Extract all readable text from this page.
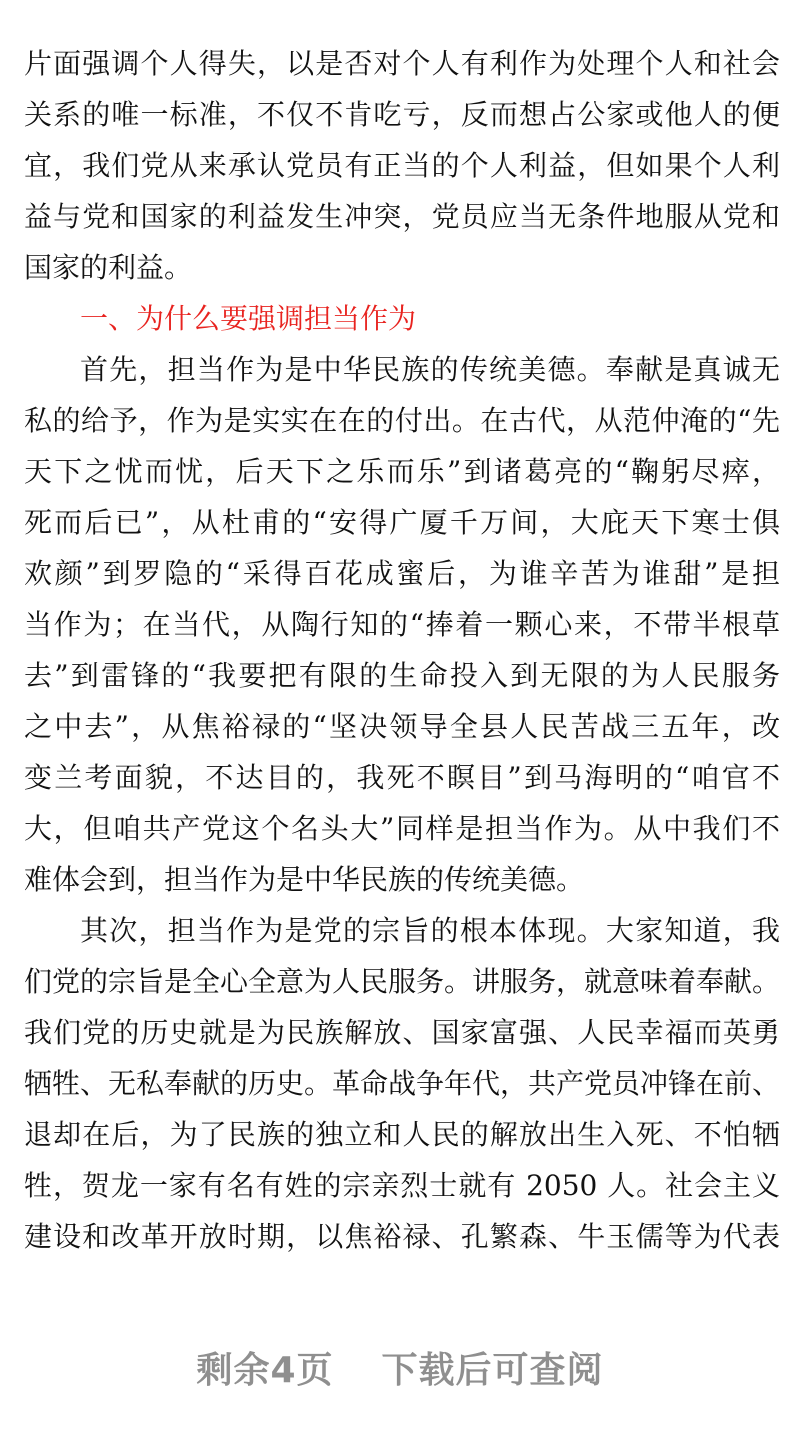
片面强调个人得失，以是否对个人有利作为处理个人和社会
关系的唯一标准，不仅不肯吃亏，反而想占公家或他人的便
宜，我们党从来承认党员有正当的个人利益，但如果个人利
益与党和国家的利益发生冲突，党员应当无条件地服从党和
国家的利益。
一、为什么要强调担当作为
首先，担当作为是中华民族的传统美德。奉献是真诚无
私的给予，作为是实实在在的付出。在古代，从范仲淹的“先
天下之忧而忧，后天下之乐而乐”到诸葛亮的“鞠躬尽瘁，
死而后已”，从杜甫的“安得广厦千万间，大庇天下寒士俱
欢颜”到罗隐的“采得百花成蜜后，为谁辛苦为谁甜”是担
当作为；在当代，从陶行知的“捧着一颗心来，不带半根草
去”到雷锋的“我要把有限的生命投入到无限的为人民服务
之中去”，从焦裕禄的“坚决领导全县人民苦战三五年，改
变兰考面貌，不达目的，我死不瞑目”到马海明的“咱官不
大，但咱共产党这个名头大”同样是担当作为。从中我们不
难体会到，担当作为是中华民族的传统美德。
其次，担当作为是党的宗旨的根本体现。大家知道，我
们党的宗旨是全心全意为人民服务。讲服务，就意味着奉献。
我们党的历史就是为民族解放、国家富强、人民幸福而英勇
牺牲、无私奉献的历史。革命战争年代，共产党员冲锋在前、
退却在后，为了民族的独立和人民的解放出生入死、不怕牺
牲，贺龙一家有名有姓的宗亲烈士就有 2050 人。社会主义
建设和改革开放时期，以焦裕禄、孔繁森、牛玉儒等为代表
剩余4页 下载后可查阅
